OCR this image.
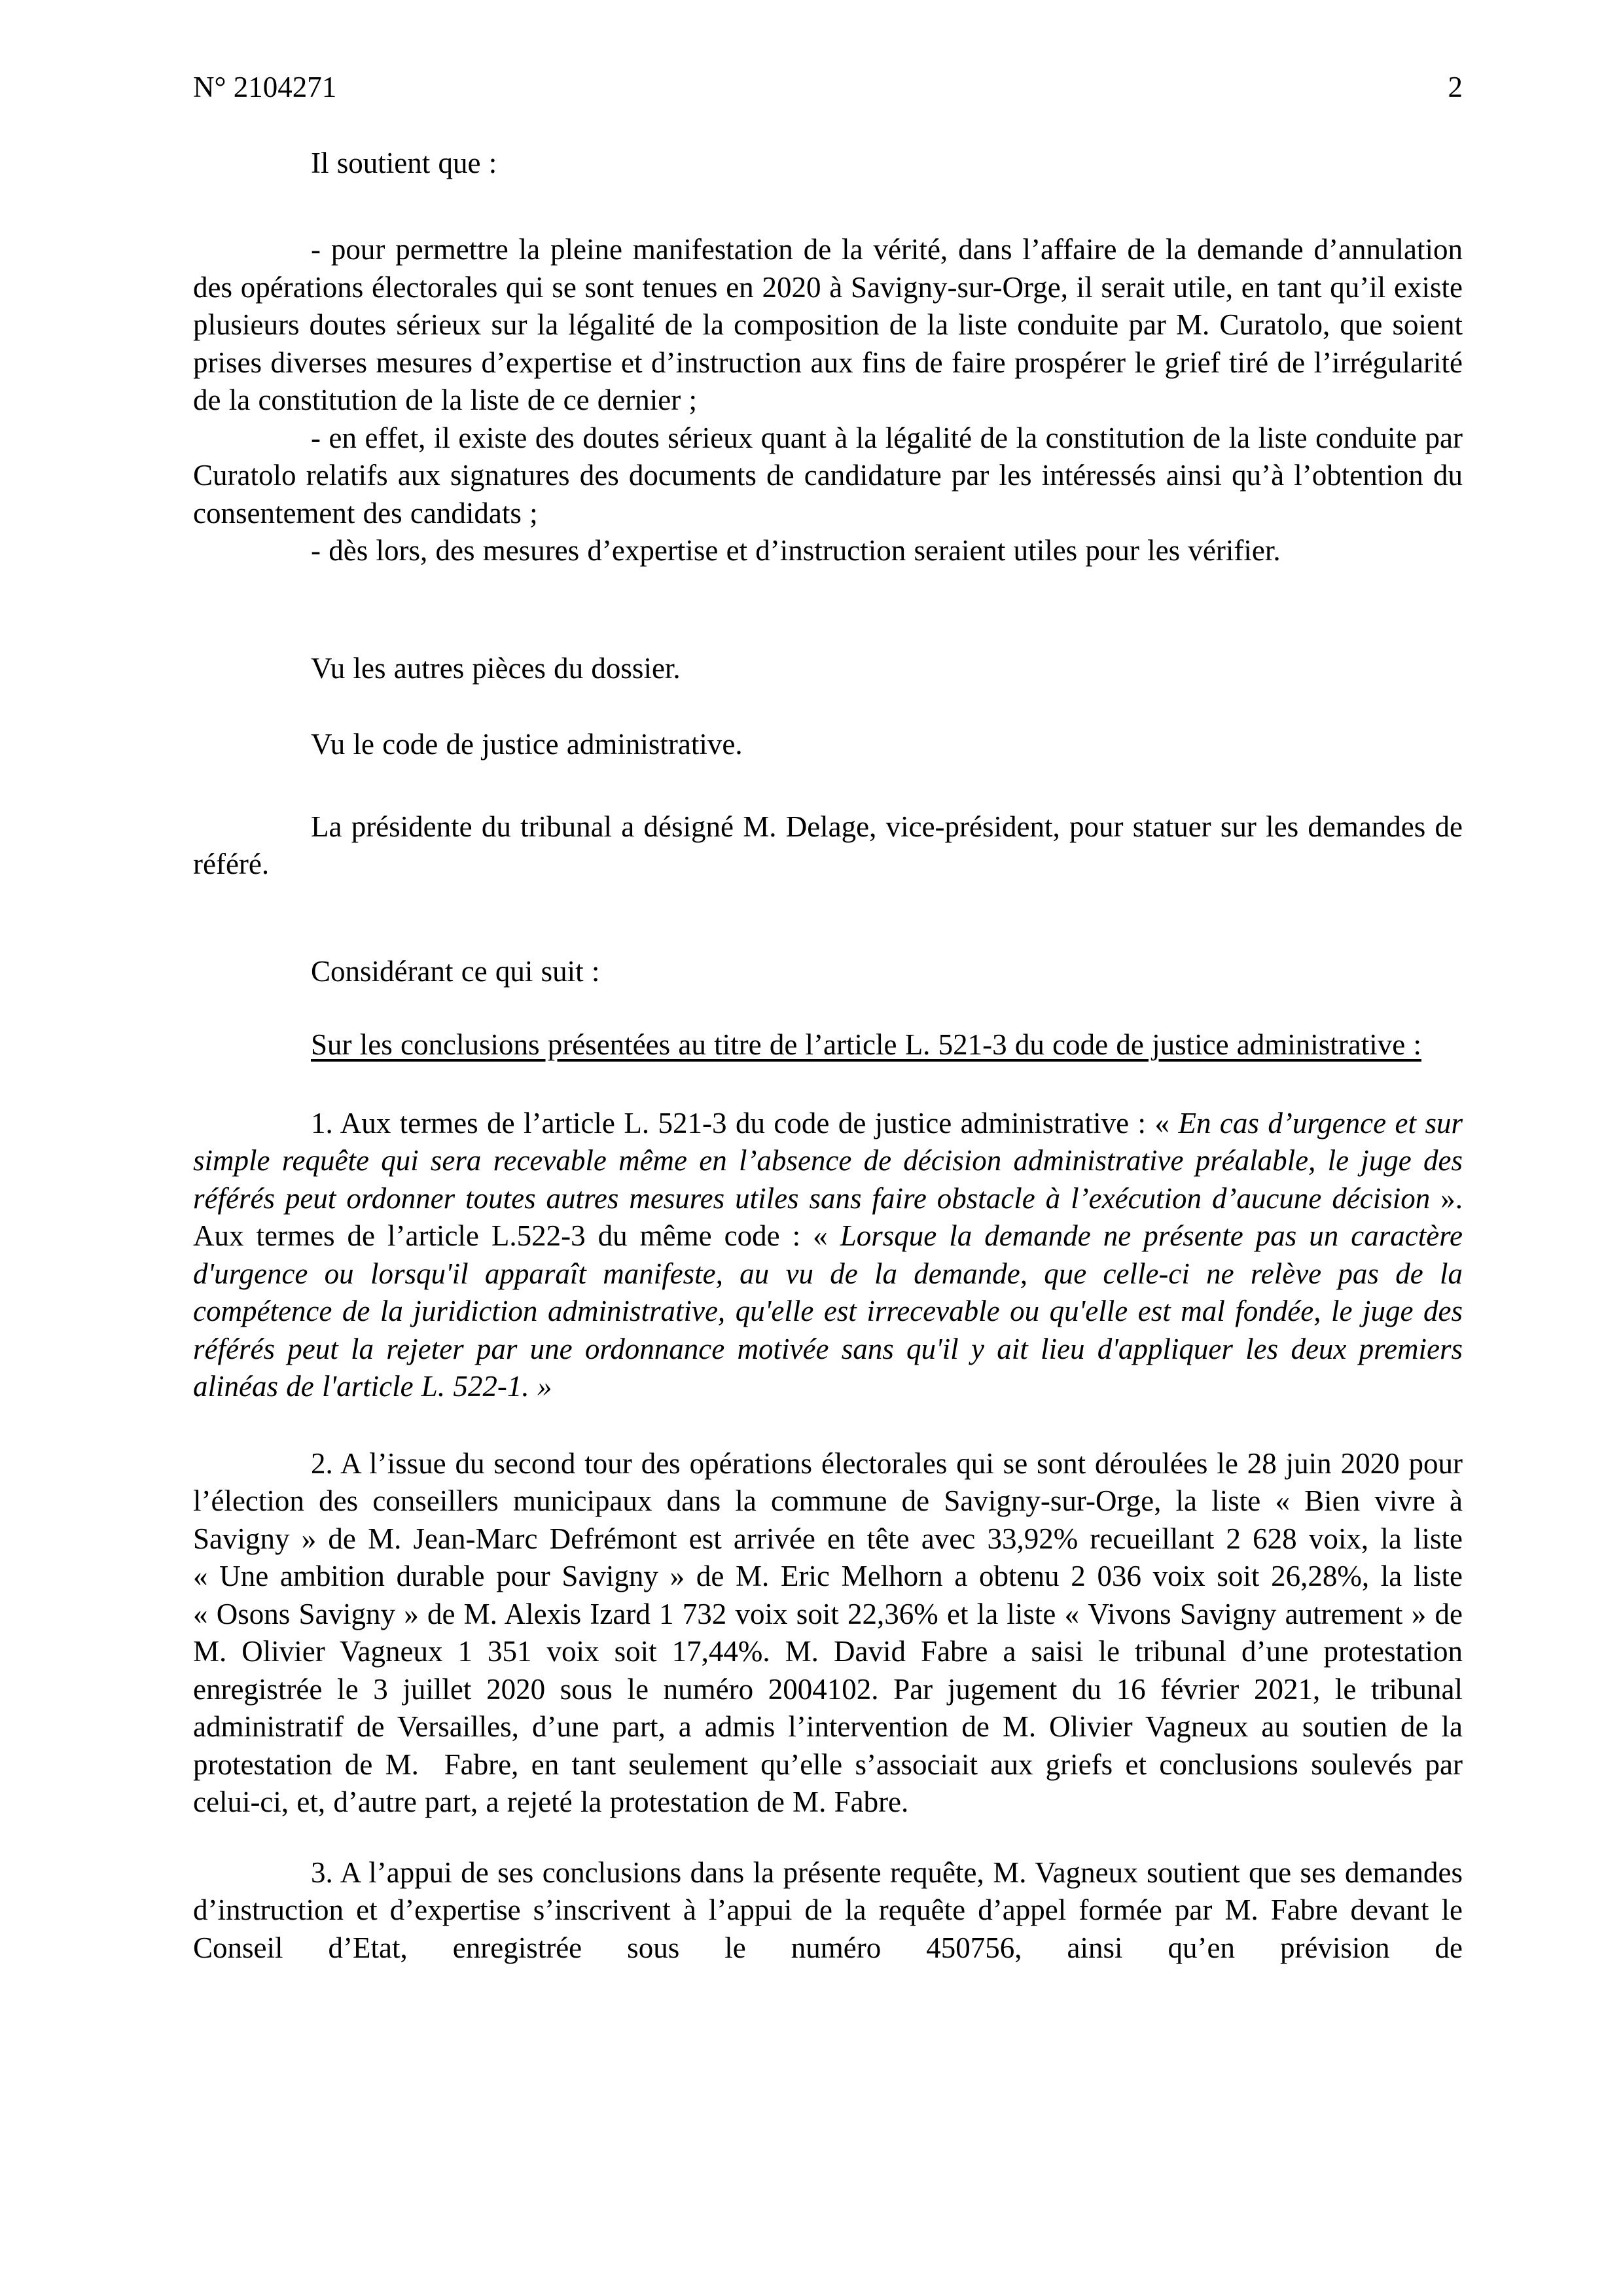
N° 2104271	2

Il soutient que :

- pour permettre la pleine manifestation de la vérité, dans l’affaire de la demande d’annulation des opérations électorales qui se sont tenues en 2020 à Savigny-sur-Orge, il serait utile, en tant qu’il existe plusieurs doutes sérieux sur la légalité de la composition de la liste conduite par M. Curatolo, que soient prises diverses mesures d’expertise et d’instruction aux fins de faire prospérer le grief tiré de l’irrégularité de la constitution de la liste de ce dernier ;

- en effet, il existe des doutes sérieux quant à la légalité de la constitution de la liste conduite par Curatolo relatifs aux signatures des documents de candidature par les intéressés ainsi qu’à l’obtention du consentement des candidats ;

- dès lors, des mesures d’expertise et d’instruction seraient utiles pour les vérifier.

Vu les autres pièces du dossier.

Vu le code de justice administrative.

La présidente du tribunal a désigné M. Delage, vice-président, pour statuer sur les demandes de référé.

Considérant ce qui suit :

Sur les conclusions présentées au titre de l’article L. 521-3 du code de justice administrative :

1. Aux termes de l’article L. 521-3 du code de justice administrative : « En cas d’urgence et sur simple requête qui sera recevable même en l’absence de décision administrative préalable, le juge des référés peut ordonner toutes autres mesures utiles sans faire obstacle à l’exécution d’aucune décision ». Aux termes de l’article L.522-3 du même code : « Lorsque la demande ne présente pas un caractère d'urgence ou lorsqu'il apparaît manifeste, au vu de la demande, que celle-ci ne relève pas de la compétence de la juridiction administrative, qu'elle est irrecevable ou qu'elle est mal fondée, le juge des référés peut la rejeter par une ordonnance motivée sans qu'il y ait lieu d'appliquer les deux premiers alinéas de l'article L. 522-1. »

2. A l’issue du second tour des opérations électorales qui se sont déroulées le 28 juin 2020 pour l’élection des conseillers municipaux dans la commune de Savigny-sur-Orge, la liste « Bien vivre à Savigny » de M. Jean-Marc Defrémont est arrivée en tête avec 33,92% recueillant 2 628 voix, la liste « Une ambition durable pour Savigny » de M. Eric Melhorn a obtenu 2 036 voix soit 26,28%, la liste « Osons Savigny » de M. Alexis Izard 1 732 voix soit 22,36% et la liste « Vivons Savigny autrement » de M. Olivier Vagneux 1 351 voix soit 17,44%. M. David Fabre a saisi le tribunal d’une protestation enregistrée le 3 juillet 2020 sous le numéro 2004102. Par jugement du 16 février 2021, le tribunal administratif de Versailles, d’une part, a admis l’intervention de M. Olivier Vagneux au soutien de la protestation de M.  Fabre, en tant seulement qu’elle s’associait aux griefs et conclusions soulevés par celui-ci, et, d’autre part, a rejeté la protestation de M. Fabre.

3. A l’appui de ses conclusions dans la présente requête, M. Vagneux soutient que ses demandes d’instruction et d’expertise s’inscrivent à l’appui de la requête d’appel formée par M. Fabre devant le Conseil d’Etat, enregistrée sous le numéro 450756, ainsi qu’en prévision de
